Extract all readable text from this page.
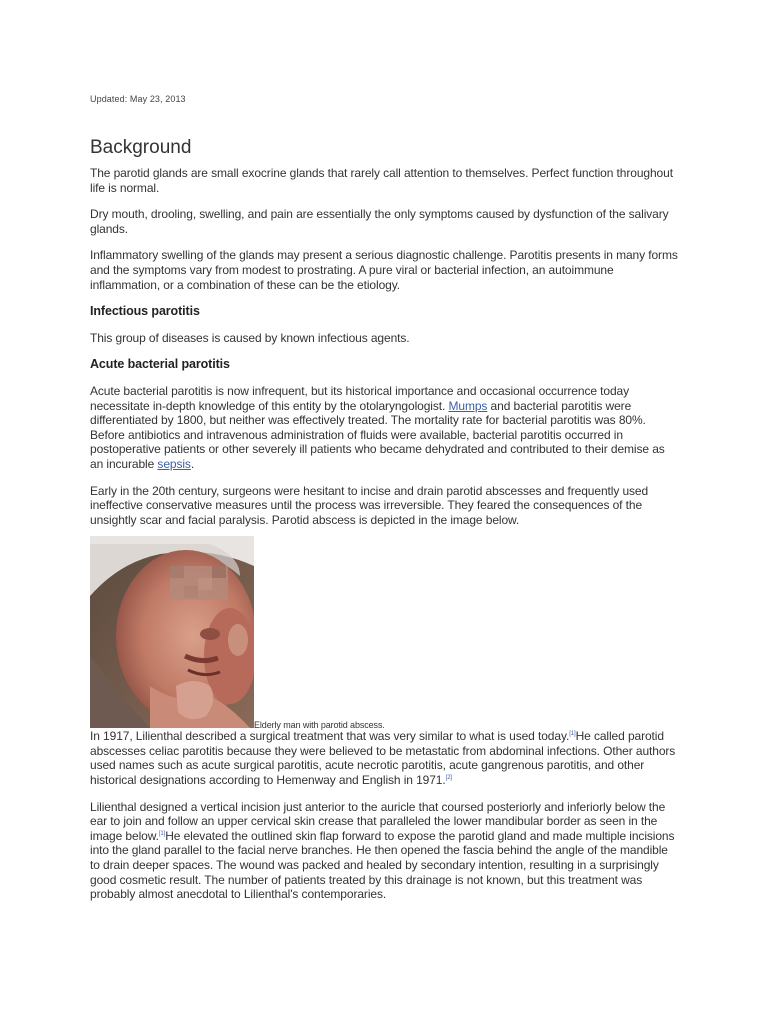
Updated: May 23, 2013
Background

The parotid glands are small exocrine glands that rarely call attention to themselves. Perfect function throughout life is normal.

Dry mouth, drooling, swelling, and pain are essentially the only symptoms caused by dysfunction of the salivary glands.

Inflammatory swelling of the glands may present a serious diagnostic challenge. Parotitis presents in many forms and the symptoms vary from modest to prostrating. A pure viral or bacterial infection, an autoimmune inflammation, or a combination of these can be the etiology.

Infectious parotitis

This group of diseases is caused by known infectious agents.

Acute bacterial parotitis

Acute bacterial parotitis is now infrequent, but its historical importance and occasional occurrence today necessitate in-depth knowledge of this entity by the otolaryngologist. Mumps and bacterial parotitis were differentiated by 1800, but neither was effectively treated. The mortality rate for bacterial parotitis was 80%. Before antibiotics and intravenous administration of fluids were available, bacterial parotitis occurred in postoperative patients or other severely ill patients who became dehydrated and contributed to their demise as an incurable sepsis.

Early in the 20th century, surgeons were hesitant to incise and drain parotid abscesses and frequently used ineffective conservative measures until the process was irreversible. They feared the consequences of the unsightly scar and facial paralysis. Parotid abscess is depicted in the image below.

Elderly man with parotid abscess.

In 1917, Lilienthal described a surgical treatment that was very similar to what is used today.[1]He called parotid abscesses celiac parotitis because they were believed to be metastatic from abdominal infections. Other authors used names such as acute surgical parotitis, acute necrotic parotitis, acute gangrenous parotitis, and other historical designations according to Hemenway and English in 1971.[2]

Lilienthal designed a vertical incision just anterior to the auricle that coursed posteriorly and inferiorly below the ear to join and follow an upper cervical skin crease that paralleled the lower mandibular border as seen in the image below.[1]He elevated the outlined skin flap forward to expose the parotid gland and made multiple incisions into the gland parallel to the facial nerve branches. He then opened the fascia behind the angle of the mandible to drain deeper spaces. The wound was packed and healed by secondary intention, resulting in a surprisingly good cosmetic result. The number of patients treated by this drainage is not known, but this treatment was probably almost anecdotal to Lilienthal's contemporaries.
